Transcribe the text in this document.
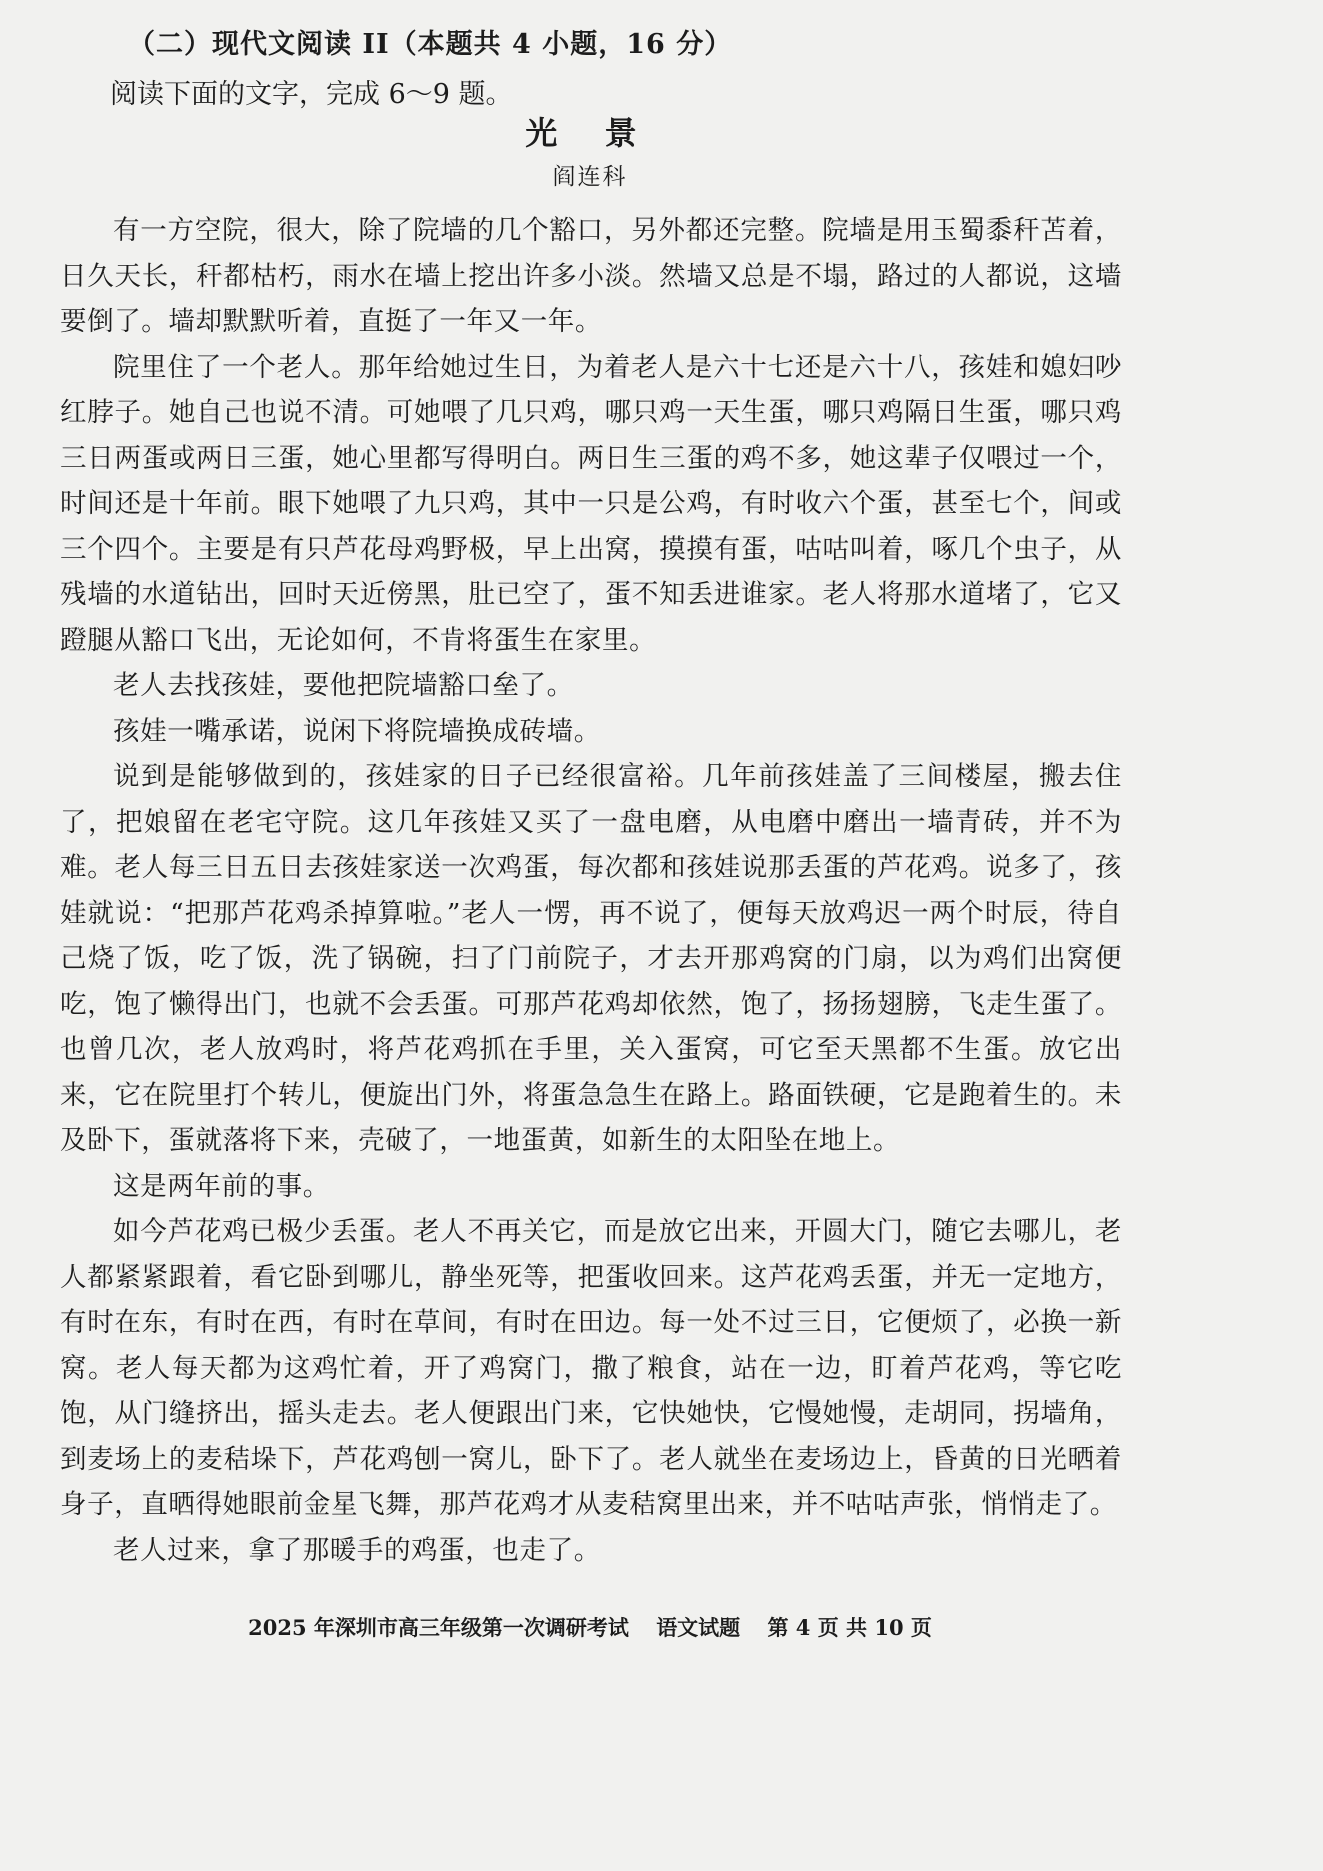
（二）现代文阅读 II（本题共 4 小题，16 分）
阅读下面的文字，完成 6～9 题。
光 景
阎连科

有一方空院，很大，除了院墙的几个豁口，另外都还完整。院墙是用玉蜀黍秆苫着，日久天长，秆都枯朽，雨水在墙上挖出许多小淡。然墙又总是不塌，路过的人都说，这墙要倒了。墙却默默听着，直挺了一年又一年。

院里住了一个老人。那年给她过生日，为着老人是六十七还是六十八，孩娃和媳妇吵红脖子。她自己也说不清。可她喂了几只鸡，哪只鸡一天生蛋，哪只鸡隔日生蛋，哪只鸡三日两蛋或两日三蛋，她心里都写得明白。两日生三蛋的鸡不多，她这辈子仅喂过一个，时间还是十年前。眼下她喂了九只鸡，其中一只是公鸡，有时收六个蛋，甚至七个，间或三个四个。主要是有只芦花母鸡野极，早上出窝，摸摸有蛋，咕咕叫着，啄几个虫子，从残墙的水道钻出，回时天近傍黑，肚已空了，蛋不知丢进谁家。老人将那水道堵了，它又蹬腿从豁口飞出，无论如何，不肯将蛋生在家里。

老人去找孩娃，要他把院墙豁口垒了。

孩娃一嘴承诺，说闲下将院墙换成砖墙。

说到是能够做到的，孩娃家的日子已经很富裕。几年前孩娃盖了三间楼屋，搬去住了，把娘留在老宅守院。这几年孩娃又买了一盘电磨，从电磨中磨出一墙青砖，并不为难。老人每三日五日去孩娃家送一次鸡蛋，每次都和孩娃说那丢蛋的芦花鸡。说多了，孩娃就说：“把那芦花鸡杀掉算啦。”老人一愣，再不说了，便每天放鸡迟一两个时辰，待自己烧了饭，吃了饭，洗了锅碗，扫了门前院子，才去开那鸡窝的门扇，以为鸡们出窝便吃，饱了懒得出门，也就不会丢蛋。可那芦花鸡却依然，饱了，扬扬翅膀，飞走生蛋了。也曾几次，老人放鸡时，将芦花鸡抓在手里，关入蛋窝，可它至天黑都不生蛋。放它出来，它在院里打个转儿，便旋出门外，将蛋急急生在路上。路面铁硬，它是跑着生的。未及卧下，蛋就落将下来，壳破了，一地蛋黄，如新生的太阳坠在地上。

这是两年前的事。

如今芦花鸡已极少丢蛋。老人不再关它，而是放它出来，开圆大门，随它去哪儿，老人都紧紧跟着，看它卧到哪儿，静坐死等，把蛋收回来。这芦花鸡丢蛋，并无一定地方，有时在东，有时在西，有时在草间，有时在田边。每一处不过三日，它便烦了，必换一新窝。老人每天都为这鸡忙着，开了鸡窝门，撒了粮食，站在一边，盯着芦花鸡，等它吃饱，从门缝挤出，摇头走去。老人便跟出门来，它快她快，它慢她慢，走胡同，拐墙角，到麦场上的麦秸垛下，芦花鸡刨一窝儿，卧下了。老人就坐在麦场边上，昏黄的日光晒着身子，直晒得她眼前金星飞舞，那芦花鸡才从麦秸窝里出来，并不咕咕声张，悄悄走了。

老人过来，拿了那暖手的鸡蛋，也走了。

2025 年深圳市高三年级第一次调研考试 语文试题 第 4 页 共 10 页
